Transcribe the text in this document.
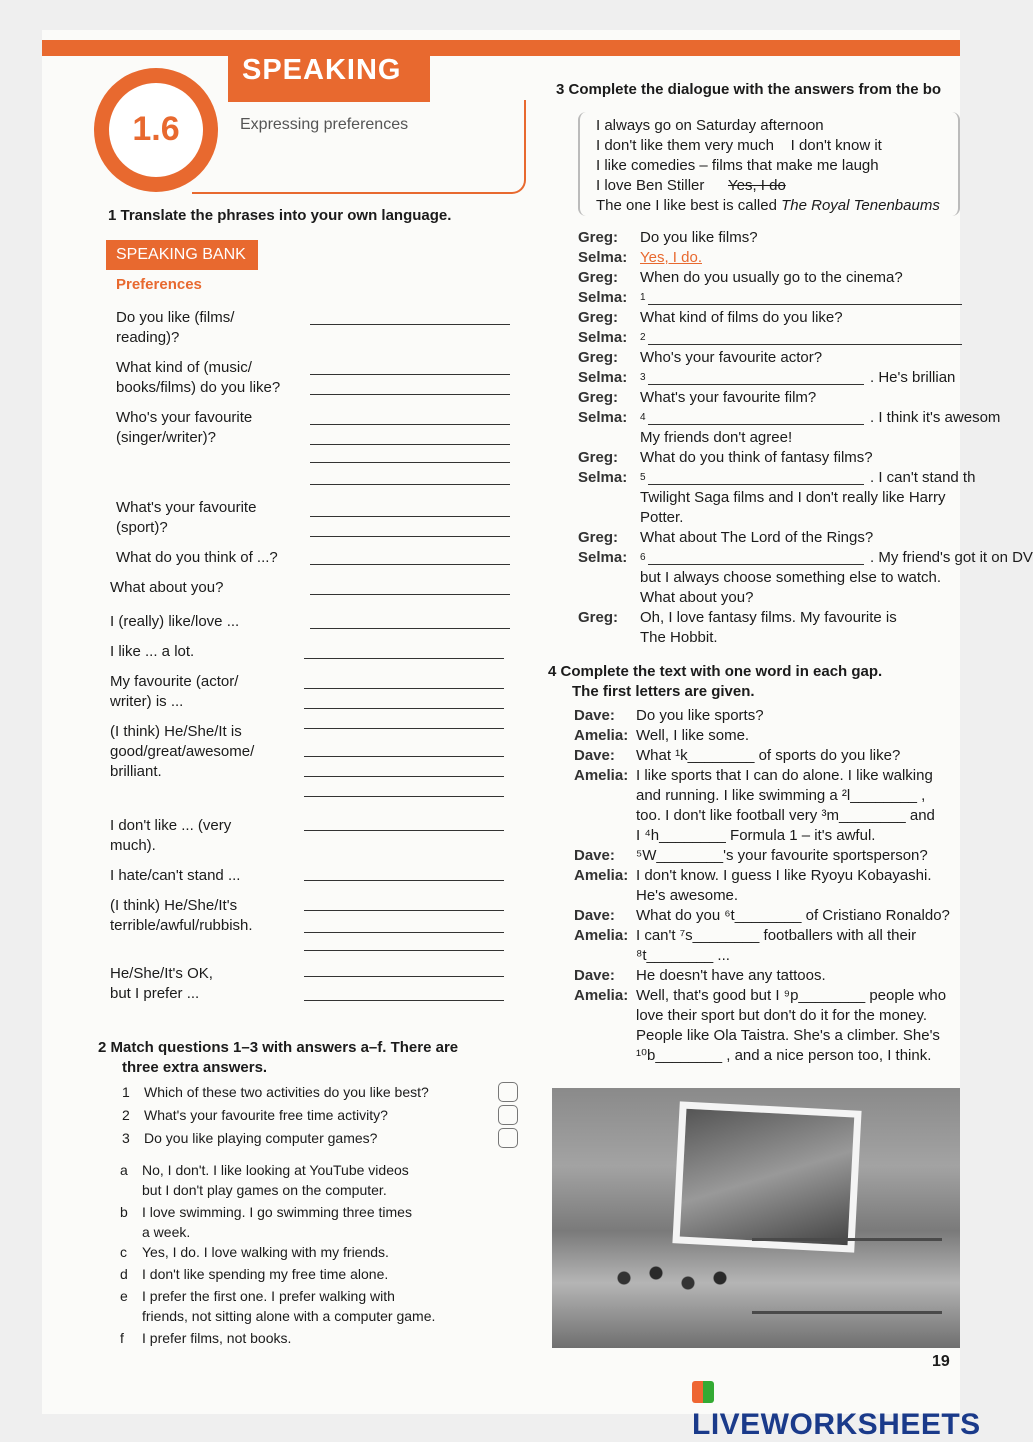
SPEAKING
1.6	Expressing preferences
1 Translate the phrases into your own language.
SPEAKING BANK
Preferences
Do you like (films/
reading)?
What kind of (music/
books/films) do you like?
Who's your favourite
(singer/writer)?
What's your favourite
(sport)?
What do you think of ...?
What about you?
I (really) like/love ...
I like ... a lot.
My favourite (actor/
writer) is ...
(I think) He/She/It is
good/great/awesome/
brilliant.
I don't like ... (very
much).
I hate/can't stand ...
(I think) He/She/It's
terrible/awful/rubbish.
He/She/It's OK,
but I prefer ...
2 Match questions 1–3 with answers a–f. There are
three extra answers.
1 Which of these two activities do you like best?
2 What's your favourite free time activity?
3 Do you like playing computer games?
a No, I don't. I like looking at YouTube videos
but I don't play games on the computer.
b I love swimming. I go swimming three times
a week.
c Yes, I do. I love walking with my friends.
d I don't like spending my free time alone.
e I prefer the first one. I prefer walking with
friends, not sitting alone with a computer game.
f I prefer films, not books.
3 Complete the dialogue with the answers from the bo
I always go on Saturday afternoon
I don't like them very much    I don't know it
I like comedies – films that make me laugh
I love Ben Stiller Yes, I do
The one I like best is called The Royal Tenenbaums
Greg: Do you like films?
Selma: Yes, I do.
Greg: When do you usually go to the cinema?
Selma: 1
Greg: What kind of films do you like?
Selma: 2
Greg: Who's your favourite actor?
Selma: 3	. He's brillian
Greg: What's your favourite film?
Selma: 4	. I think it's awesom
My friends don't agree!
Greg: What do you think of fantasy films?
Selma: 5	. I can't stand th
Twilight Saga films and I don't really like Harry
Potter.
Greg: What about The Lord of the Rings?
Selma: 6	. My friend's got it on DV
but I always choose something else to watch.
What about you?
Greg: Oh, I love fantasy films. My favourite is
The Hobbit.
4 Complete the text with one word in each gap.
The first letters are given.
Dave: Do you like sports?
Amelia: Well, I like some.
Dave: What ¹k________ of sports do you like?
Amelia: I like sports that I can do alone. I like walking
and running. I like swimming a ²l________ ,
too. I don't like football very ³m________ and
I ⁴h________ Formula 1 – it's awful.
Dave: ⁵W________'s your favourite sportsperson?
Amelia: I don't know. I guess I like Ryoyu Kobayashi.
He's awesome.
Dave: What do you ⁶t________ of Cristiano Ronaldo?
Amelia: I can't ⁷s________ footballers with all their
⁸t________ ...
Dave: He doesn't have any tattoos.
Amelia: Well, that's good but I ⁹p________ people who
love their sport but don't do it for the money.
People like Ola Taistra. She's a climber. She's
¹⁰b________ , and a nice person too, I think.
19
LIVEWORKSHEETS
